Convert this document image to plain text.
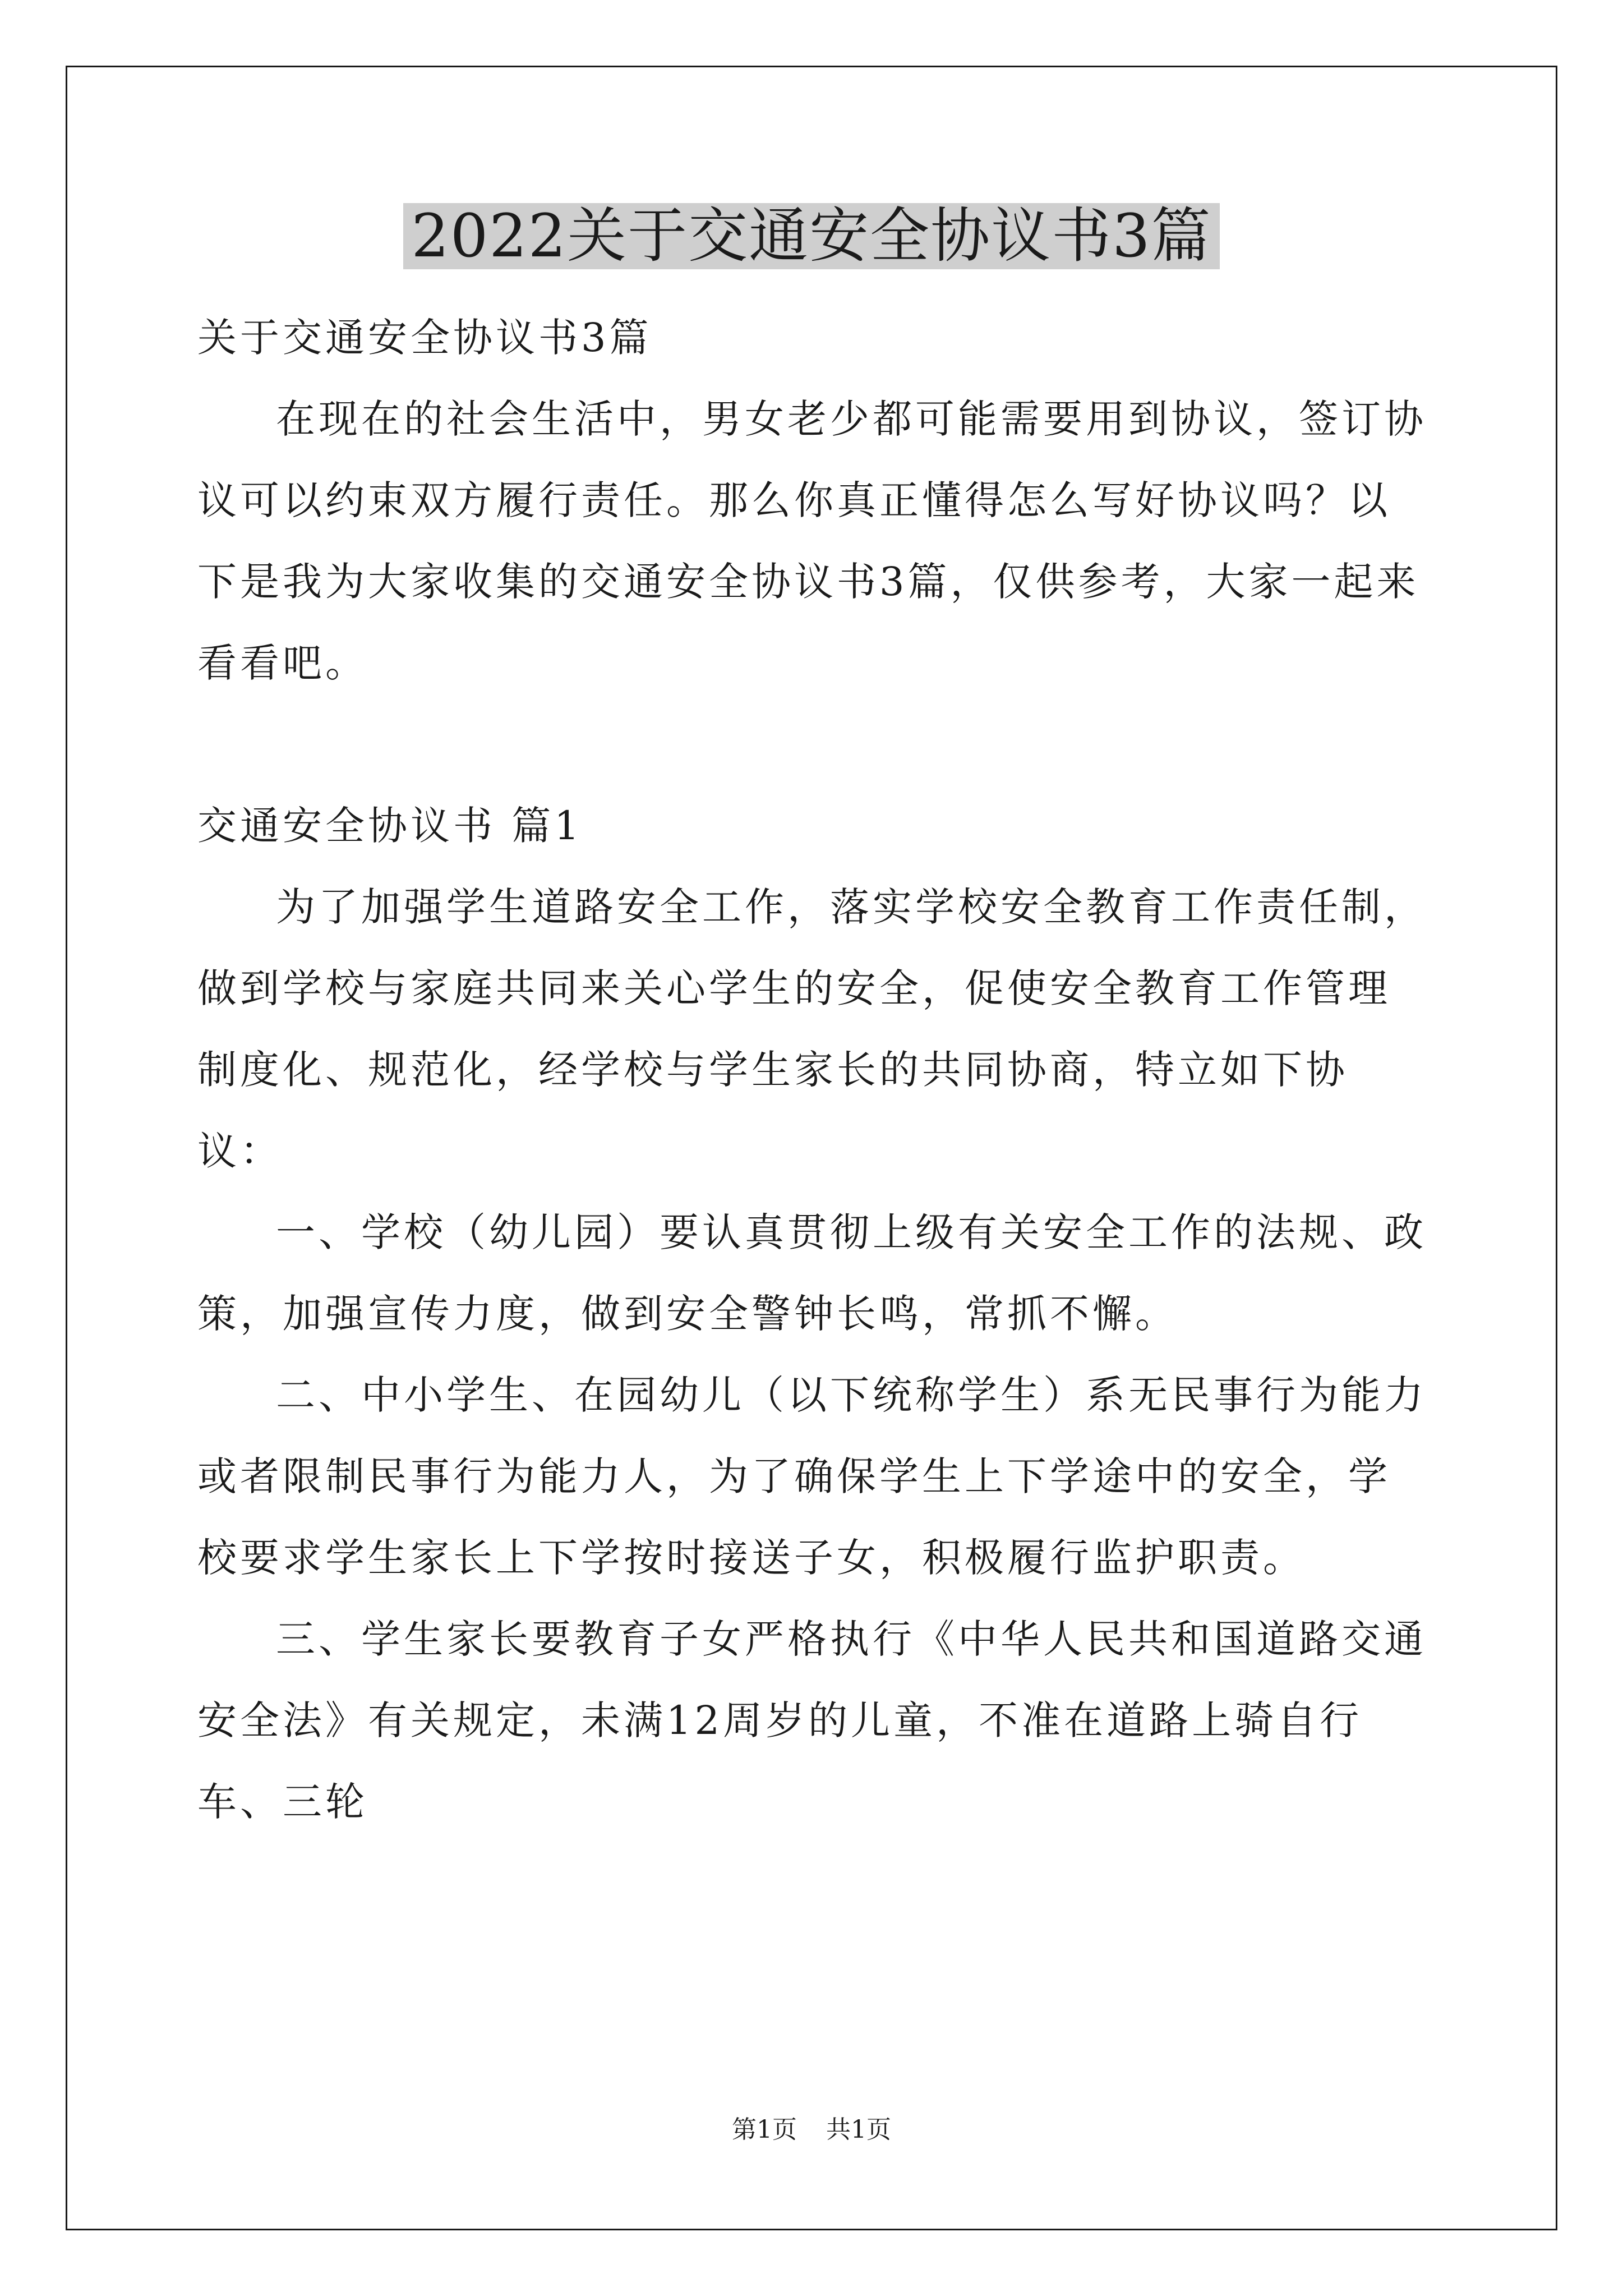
2022关于交通安全协议书3篇

关于交通安全协议书3篇

在现在的社会生活中，男女老少都可能需要用到协议，签订协议可以约束双方履行责任。那么你真正懂得怎么写好协议吗？以下是我为大家收集的交通安全协议书3篇，仅供参考，大家一起来看看吧。

交通安全协议书 篇1

为了加强学生道路安全工作，落实学校安全教育工作责任制，做到学校与家庭共同来关心学生的安全，促使安全教育工作管理制度化、规范化，经学校与学生家长的共同协商，特立如下协议：

一、学校（幼儿园）要认真贯彻上级有关安全工作的法规、政策，加强宣传力度，做到安全警钟长鸣，常抓不懈。

二、中小学生、在园幼儿（以下统称学生）系无民事行为能力或者限制民事行为能力人，为了确保学生上下学途中的安全，学校要求学生家长上下学按时接送子女，积极履行监护职责。

三、学生家长要教育子女严格执行《中华人民共和国道路交通安全法》有关规定，未满12周岁的儿童，不准在道路上骑自行车、三轮

第1页 共1页
